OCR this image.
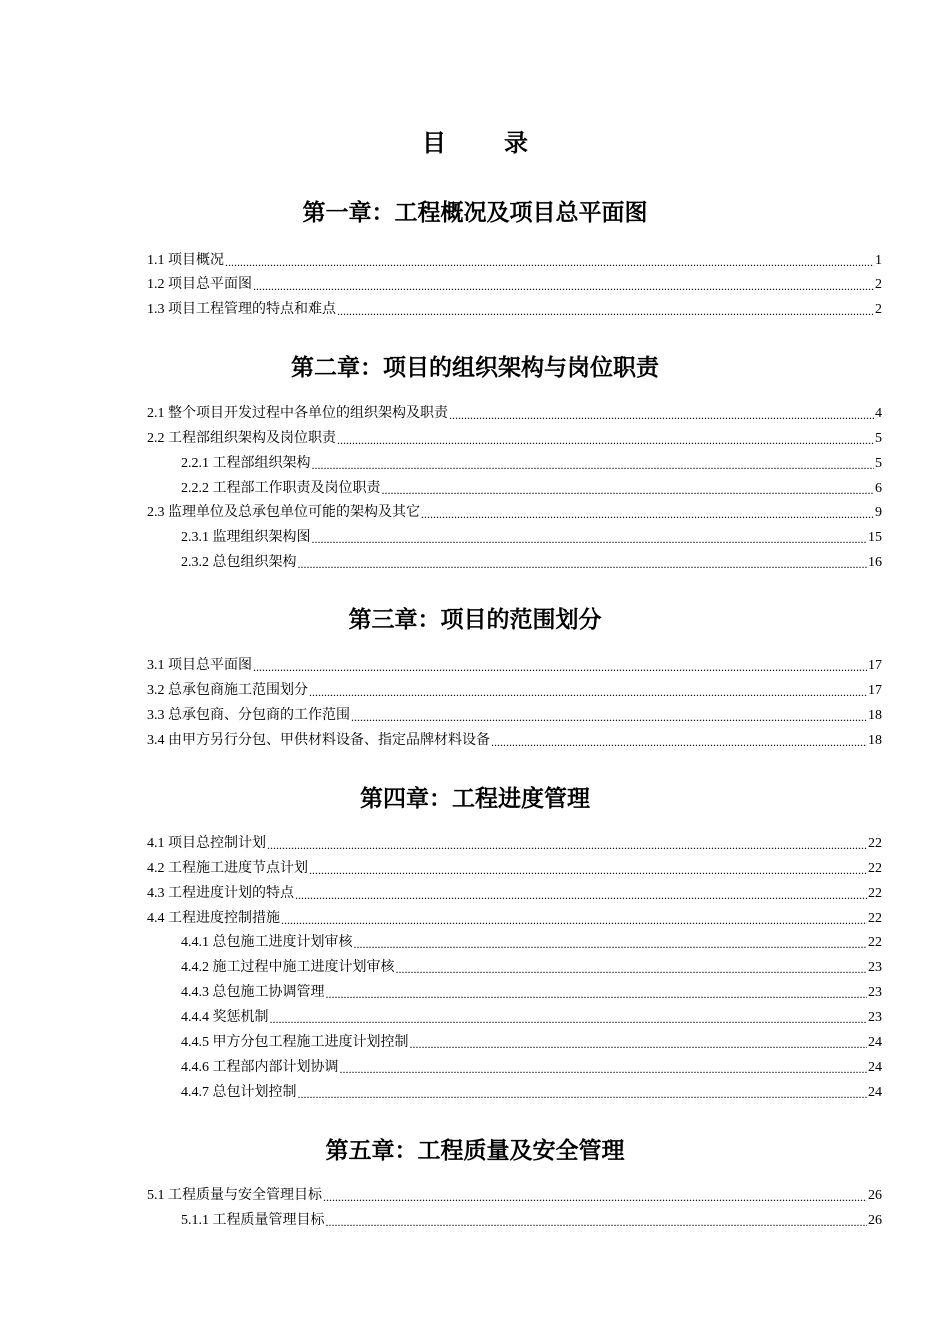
目 录
第一章：工程概况及项目总平面图
1.1 项目概况 .....	1
1.2 项目总平面图 .....	2
1.3 项目工程管理的特点和难点 .....	2
第二章：项目的组织架构与岗位职责
2.1 整个项目开发过程中各单位的组织架构及职责 .....	4
2.2 工程部组织架构及岗位职责 .....	5
2.2.1 工程部组织架构 .....	5
2.2.2 工程部工作职责及岗位职责 .....	6
2.3 监理单位及总承包单位可能的架构及其它 .....	9
2.3.1 监理组织架构图 .....	15
2.3.2 总包组织架构 .....	16
第三章：项目的范围划分
3.1 项目总平面图 .....	17
3.2 总承包商施工范围划分 .....	17
3.3 总承包商、分包商的工作范围 .....	18
3.4 由甲方另行分包、甲供材料设备、指定品牌材料设备 .....	18
第四章：工程进度管理
4.1 项目总控制计划 .....	22
4.2 工程施工进度节点计划 .....	22
4.3 工程进度计划的特点 .....	22
4.4 工程进度控制措施 .....	22
4.4.1 总包施工进度计划审核 .....	22
4.4.2 施工过程中施工进度计划审核 .....	23
4.4.3 总包施工协调管理 .....	23
4.4.4 奖惩机制 .....	23
4.4.5 甲方分包工程施工进度计划控制 .....	24
4.4.6 工程部内部计划协调 .....	24
4.4.7 总包计划控制 .....	24
第五章：工程质量及安全管理
5.1 工程质量与安全管理目标 .....	26
5.1.1 工程质量管理目标 .....	26
